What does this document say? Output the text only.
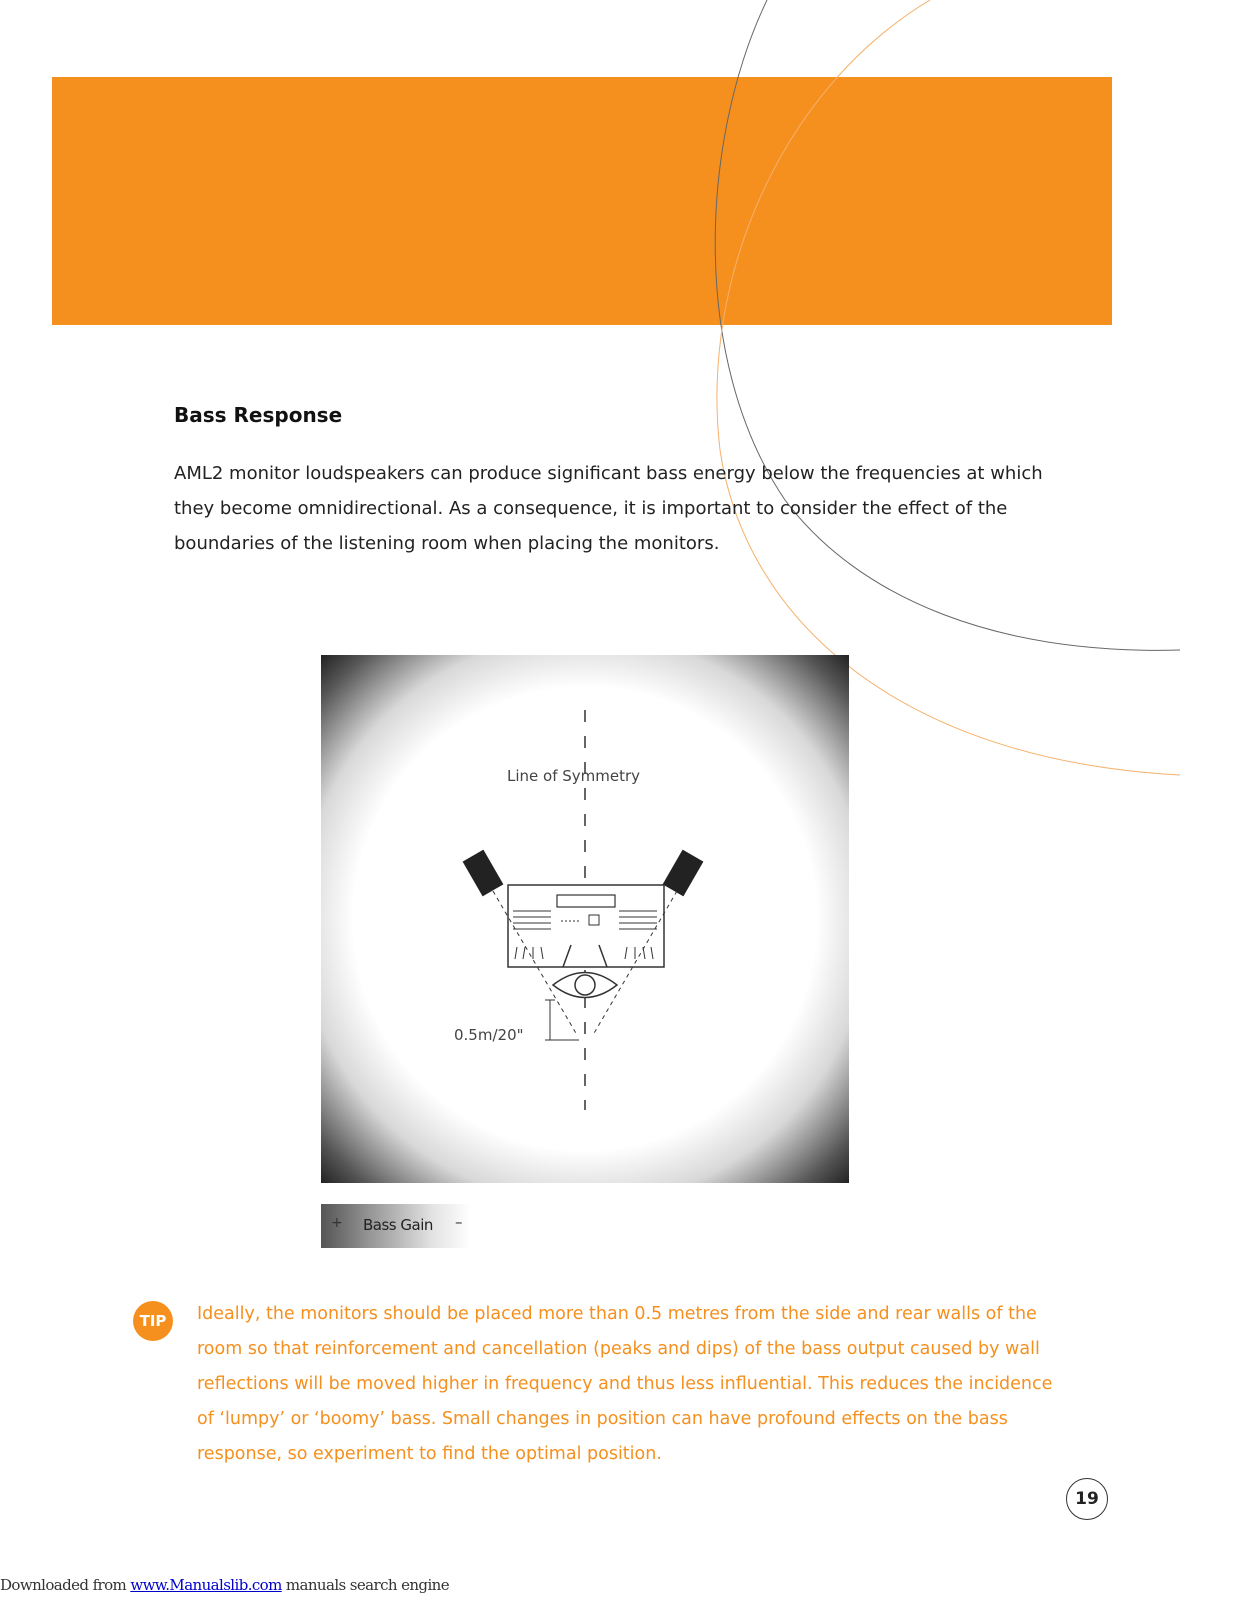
Bass Response
AML2 monitor loudspeakers can produce significant bass energy below the frequencies at which they become omnidirectional. As a consequence, it is important to consider the effect of the boundaries of the listening room when placing the monitors.
Line of Symmetry
0.5m/20"
+ Bass Gain –
TIP	Ideally, the monitors should be placed more than 0.5 metres from the side and rear walls of the room so that reinforcement and cancellation (peaks and dips) of the bass output caused by wall reflections will be moved higher in frequency and thus less influential. This reduces the incidence of ‘lumpy’ or ‘boomy’ bass. Small changes in position can have profound effects on the bass response, so experiment to find the optimal position.
19
Downloaded from www.Manualslib.com manuals search engine
